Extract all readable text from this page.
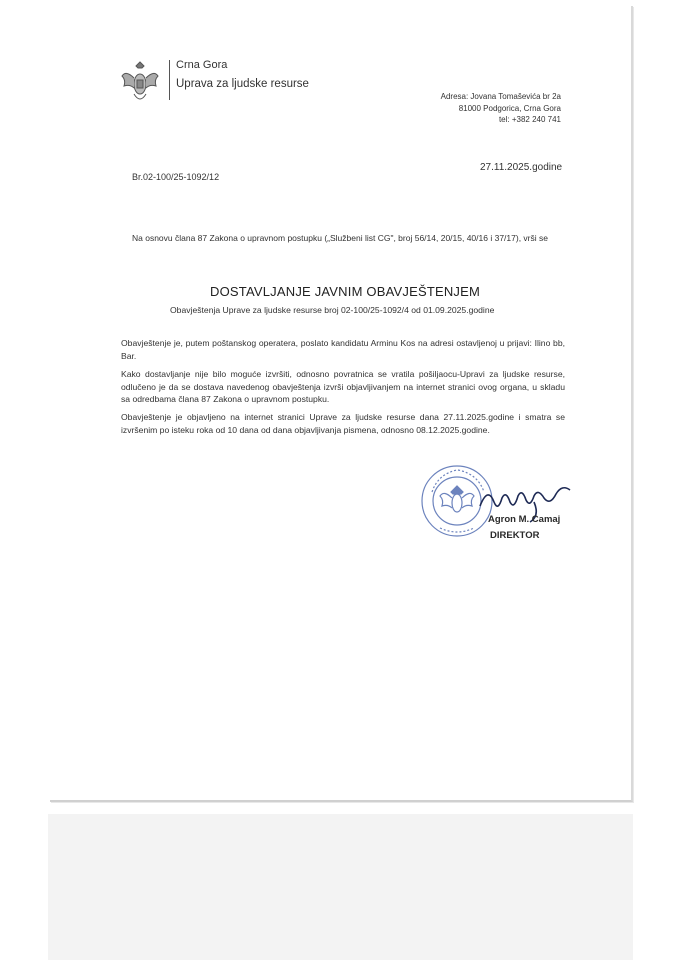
Crna Gora
Uprava za ljudske resurse
Adresa: Jovana Tomaševića br 2a
81000 Podgorica, Crna Gora
tel: +382 240 741
27.11.2025.godine
Br.02-100/25-1092/12
Na osnovu člana 87 Zakona o upravnom postupku („Službeni list CG", broj 56/14, 20/15, 40/16 i 37/17), vrši se
DOSTAVLJANJE JAVNIM OBAVJEŠTENJEM
Obavještenja Uprave za ljudske resurse broj 02-100/25-1092/4 od 01.09.2025.godine
Obavještenje je, putem poštanskog operatera, poslato kandidatu Arminu Kos na adresi ostavljenoj u prijavi: Ilino bb, Bar.
Kako dostavljanje nije bilo moguće izvršiti, odnosno povratnica se vratila pošiljaocu-Upravi za ljudske resurse, odlučeno je da se dostava navedenog obavještenja izvrši objavljivanjem na internet stranici ovog organa, u skladu sa odredbama člana 87 Zakona o upravnom postupku.
Obavještenje je objavljeno na internet stranici Uprave za ljudske resurse dana 27.11.2025.godine i smatra se izvršenim po isteku roka od 10 dana od dana objavljivanja pismena, odnosno 08.12.2025.godine.
Agron M. Camaj
DIREKTOR
